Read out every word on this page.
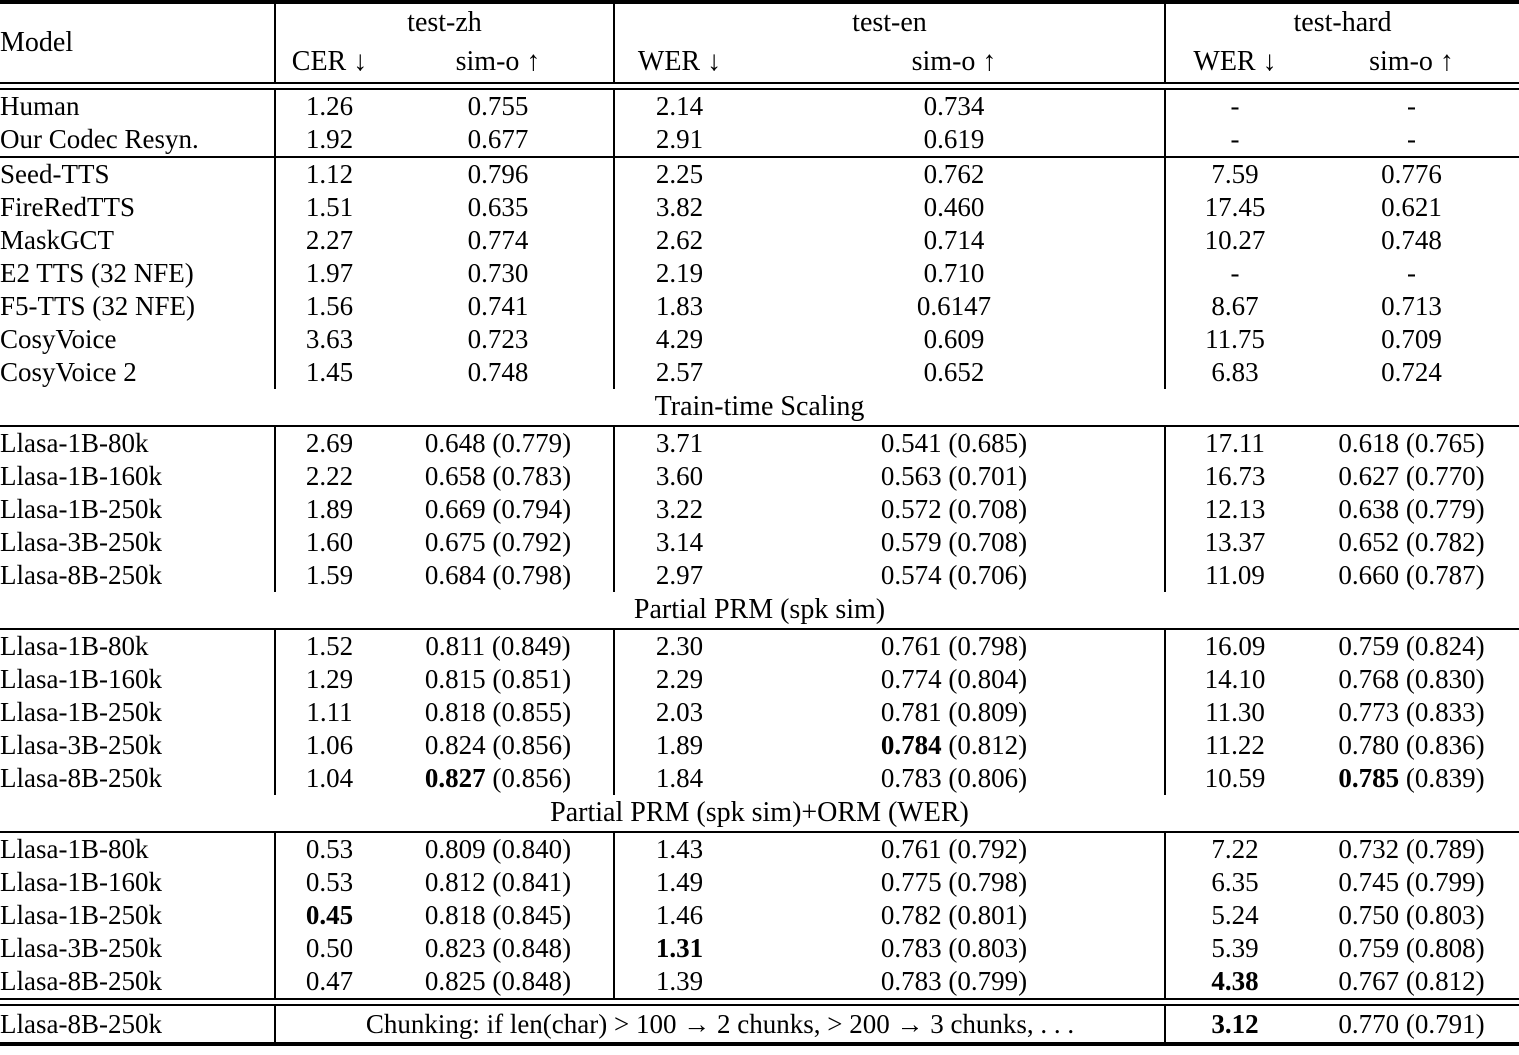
Model	test-zh		test-en		test-hard	
	CER ↓	sim-o ↑	WER ↓	sim-o ↑	WER ↓	sim-o ↑

Human	1.26	0.755	2.14	0.734	-	-
Our Codec Resyn.	1.92	0.677	2.91	0.619	-	-

Seed-TTS	1.12	0.796	2.25	0.762	7.59	0.776
FireRedTTS	1.51	0.635	3.82	0.460	17.45	0.621
MaskGCT	2.27	0.774	2.62	0.714	10.27	0.748
E2 TTS (32 NFE)	1.97	0.730	2.19	0.710	-	-
F5-TTS (32 NFE)	1.56	0.741	1.83	0.6147	8.67	0.713
CosyVoice	3.63	0.723	4.29	0.609	11.75	0.709
CosyVoice 2	1.45	0.748	2.57	0.652	6.83	0.724
Train-time Scaling						

Llasa-1B-80k	2.69	0.648 (0.779)	3.71	0.541 (0.685)	17.11	0.618 (0.765)
Llasa-1B-160k	2.22	0.658 (0.783)	3.60	0.563 (0.701)	16.73	0.627 (0.770)
Llasa-1B-250k	1.89	0.669 (0.794)	3.22	0.572 (0.708)	12.13	0.638 (0.779)
Llasa-3B-250k	1.60	0.675 (0.792)	3.14	0.579 (0.708)	13.37	0.652 (0.782)
Llasa-8B-250k	1.59	0.684 (0.798)	2.97	0.574 (0.706)	11.09	0.660 (0.787)
Partial PRM (spk sim)						

Llasa-1B-80k	1.52	0.811 (0.849)	2.30	0.761 (0.798)	16.09	0.759 (0.824)
Llasa-1B-160k	1.29	0.815 (0.851)	2.29	0.774 (0.804)	14.10	0.768 (0.830)
Llasa-1B-250k	1.11	0.818 (0.855)	2.03	0.781 (0.809)	11.30	0.773 (0.833)
Llasa-3B-250k	1.06	0.824 (0.856)	1.89	0.784 (0.812)	11.22	0.780 (0.836)
Llasa-8B-250k	1.04	0.827 (0.856)	1.84	0.783 (0.806)	10.59	0.785 (0.839)
Partial PRM (spk sim)+ORM (WER)						

Llasa-1B-80k	0.53	0.809 (0.840)	1.43	0.761 (0.792)	7.22	0.732 (0.789)
Llasa-1B-160k	0.53	0.812 (0.841)	1.49	0.775 (0.798)	6.35	0.745 (0.799)
Llasa-1B-250k	0.45	0.818 (0.845)	1.46	0.782 (0.801)	5.24	0.750 (0.803)
Llasa-3B-250k	0.50	0.823 (0.848)	1.31	0.783 (0.803)	5.39	0.759 (0.808)
Llasa-8B-250k	0.47	0.825 (0.848)	1.39	0.783 (0.799)	4.38	0.767 (0.812)

Llasa-8B-250k	Chunking: if len(char) > 100 → 2 chunks, > 200 → 3 chunks, . . .				3.12	0.770 (0.791)
